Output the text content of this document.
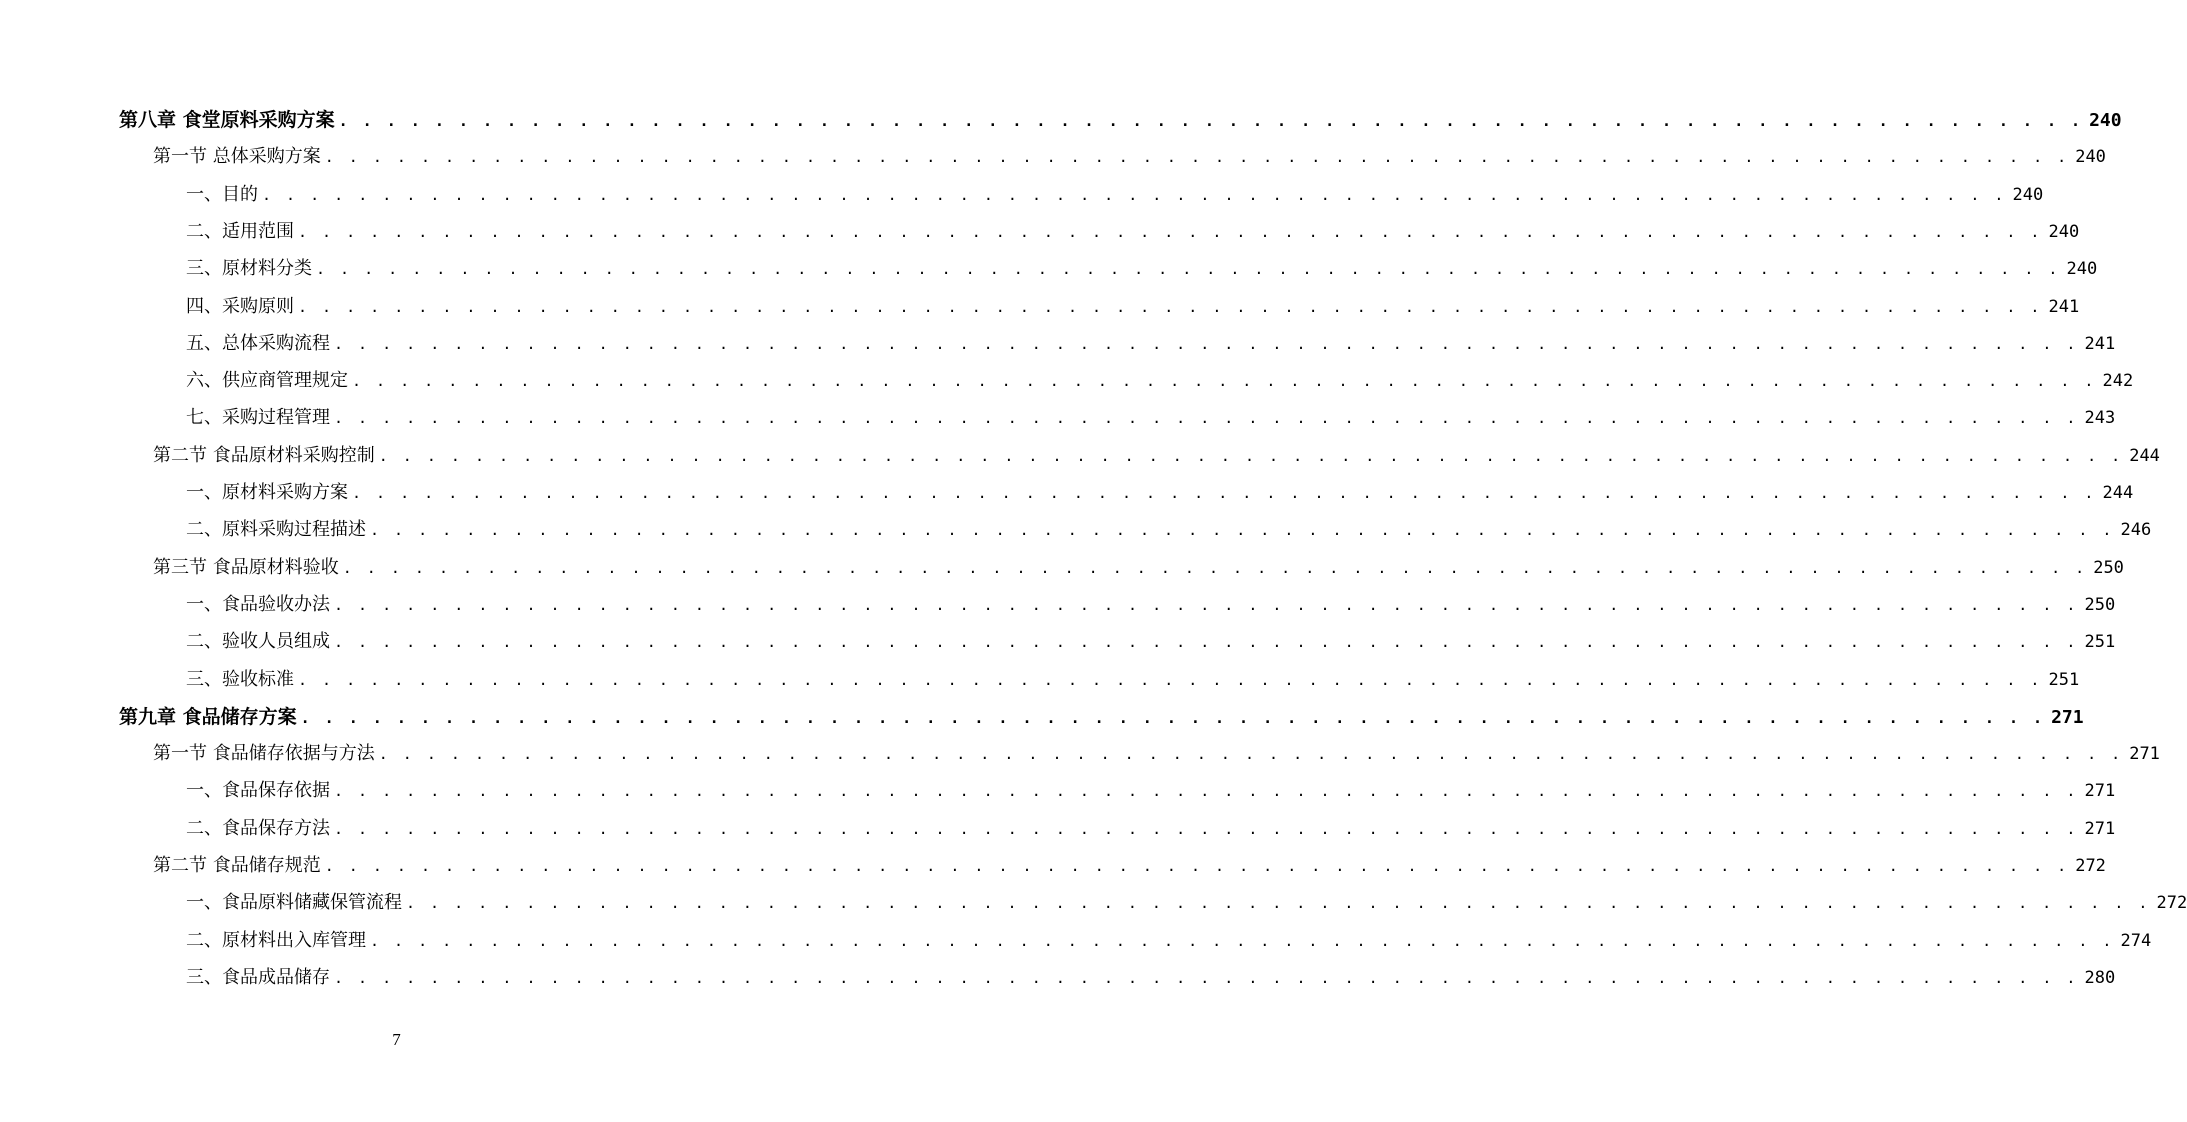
第八章 食堂原料采购方案 . . . . . . . . . . . . . . . . . . . . . . . . . . . . . . . . . . . . . . . . . . . . . . . . . . . . . . . . . . . . . . . . . . . . . . . . . 240
第一节 总体采购方案 . . . . . . . . . . . . . . . . . . . . . . . . . . . . . . . . . . . . . . . . . . . . . . . . . . . . . . . . . . . . . . . . . . . . . . . . . 240
一、目的 . . . . . . . . . . . . . . . . . . . . . . . . . . . . . . . . . . . . . . . . . . . . . . . . . . . . . . . . . . . . . . . . . . . . . . . . . 240
二、适用范围 . . . . . . . . . . . . . . . . . . . . . . . . . . . . . . . . . . . . . . . . . . . . . . . . . . . . . . . . . . . . . . . . . . . . . . . . . 240
三、原材料分类 . . . . . . . . . . . . . . . . . . . . . . . . . . . . . . . . . . . . . . . . . . . . . . . . . . . . . . . . . . . . . . . . . . . . . . . . . 240
四、采购原则 . . . . . . . . . . . . . . . . . . . . . . . . . . . . . . . . . . . . . . . . . . . . . . . . . . . . . . . . . . . . . . . . . . . . . . . . . 241
五、总体采购流程 . . . . . . . . . . . . . . . . . . . . . . . . . . . . . . . . . . . . . . . . . . . . . . . . . . . . . . . . . . . . . . . . . . . . . . . . . 241
六、供应商管理规定 . . . . . . . . . . . . . . . . . . . . . . . . . . . . . . . . . . . . . . . . . . . . . . . . . . . . . . . . . . . . . . . . . . . . . . . . . 242
七、采购过程管理 . . . . . . . . . . . . . . . . . . . . . . . . . . . . . . . . . . . . . . . . . . . . . . . . . . . . . . . . . . . . . . . . . . . . . . . . . 243
第二节 食品原材料采购控制 . . . . . . . . . . . . . . . . . . . . . . . . . . . . . . . . . . . . . . . . . . . . . . . . . . . . . . . . . . . . . . . . . . . . . . . . . 244
一、原材料采购方案 . . . . . . . . . . . . . . . . . . . . . . . . . . . . . . . . . . . . . . . . . . . . . . . . . . . . . . . . . . . . . . . . . . . . . . . . . 244
二、原料采购过程描述 . . . . . . . . . . . . . . . . . . . . . . . . . . . . . . . . . . . . . . . . . . . . . . . . . . . . . . . . . . . . . . . . . . . . . . . . . 246
第三节 食品原材料验收 . . . . . . . . . . . . . . . . . . . . . . . . . . . . . . . . . . . . . . . . . . . . . . . . . . . . . . . . . . . . . . . . . . . . . . . . . 250
一、食品验收办法 . . . . . . . . . . . . . . . . . . . . . . . . . . . . . . . . . . . . . . . . . . . . . . . . . . . . . . . . . . . . . . . . . . . . . . . . . 250
二、验收人员组成 . . . . . . . . . . . . . . . . . . . . . . . . . . . . . . . . . . . . . . . . . . . . . . . . . . . . . . . . . . . . . . . . . . . . . . . . . 251
三、验收标准 . . . . . . . . . . . . . . . . . . . . . . . . . . . . . . . . . . . . . . . . . . . . . . . . . . . . . . . . . . . . . . . . . . . . . . . . . 251
第九章 食品储存方案 . . . . . . . . . . . . . . . . . . . . . . . . . . . . . . . . . . . . . . . . . . . . . . . . . . . . . . . . . . . . . . . . . . . . . . . . . 271
第一节 食品储存依据与方法 . . . . . . . . . . . . . . . . . . . . . . . . . . . . . . . . . . . . . . . . . . . . . . . . . . . . . . . . . . . . . . . . . . . . . . . . . 271
一、食品保存依据 . . . . . . . . . . . . . . . . . . . . . . . . . . . . . . . . . . . . . . . . . . . . . . . . . . . . . . . . . . . . . . . . . . . . . . . . . 271
二、食品保存方法 . . . . . . . . . . . . . . . . . . . . . . . . . . . . . . . . . . . . . . . . . . . . . . . . . . . . . . . . . . . . . . . . . . . . . . . . . 271
第二节 食品储存规范 . . . . . . . . . . . . . . . . . . . . . . . . . . . . . . . . . . . . . . . . . . . . . . . . . . . . . . . . . . . . . . . . . . . . . . . . . 272
一、食品原料储藏保管流程 . . . . . . . . . . . . . . . . . . . . . . . . . . . . . . . . . . . . . . . . . . . . . . . . . . . . . . . . . . . . . . . . . . . . . . . . . 272
二、原材料出入库管理 . . . . . . . . . . . . . . . . . . . . . . . . . . . . . . . . . . . . . . . . . . . . . . . . . . . . . . . . . . . . . . . . . . . . . . . . . 274
三、食品成品储存 . . . . . . . . . . . . . . . . . . . . . . . . . . . . . . . . . . . . . . . . . . . . . . . . . . . . . . . . . . . . . . . . . . . . . . . . . 280
7
